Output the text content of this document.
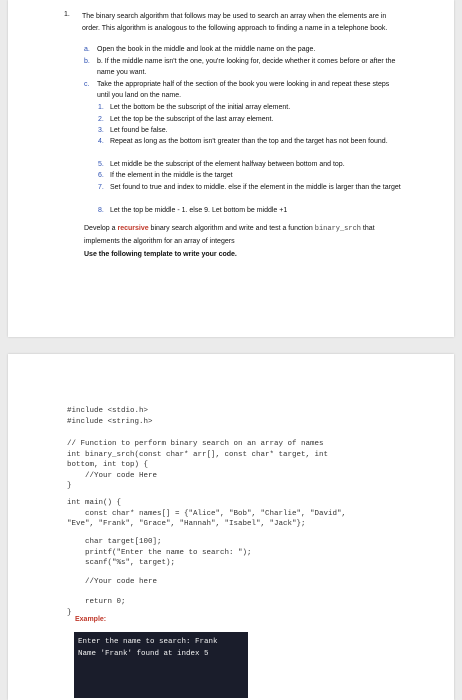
1. The binary search algorithm that follows may be used to search an array when the elements are in order. This algorithm is analogous to the following approach to finding a name in a telephone book.
a.	Open the book in the middle and look at the middle name on the page.
b.	b. If the middle name isn't the one, you're looking for, decide whether it comes before or after the name you want.
c.	Take the appropriate half of the section of the book you were looking in and repeat these steps until you land on the name.
1. Let the bottom be the subscript of the initial array element.
2. Let the top be the subscript of the last array element.
3. Let found be false.
4. Repeat as long as the bottom isn't greater than the top and the target has not been found.
5. Let middle be the subscript of the element halfway between bottom and top.
6. If the element in the middle is the target
7. Set found to true and index to middle. else if the element in the middle is larger than the target
8. Let the top be middle - 1. else 9. Let bottom be middle +1
Develop a recursive binary search algorithm and write and test a function binary_srch that implements the algorithm for an array of integers
Use the following template to write your code.
#include <stdio.h>
#include <string.h>
// Function to perform binary search on an array of names
int binary_srch(const char* arr[], const char* target, int
bottom, int top) {
//Your code Here
}
int main() {
const char* names[] = {"Alice", "Bob", "Charlie", "David",
"Eve", "Frank", "Grace", "Hannah", "Isabel", "Jack"};
char target[100];
printf("Enter the name to search: ");
scanf("%s", target);
//Your code here
return 0;
}
Example:
Enter the name to search: Frank
Name 'Frank' found at index 5
